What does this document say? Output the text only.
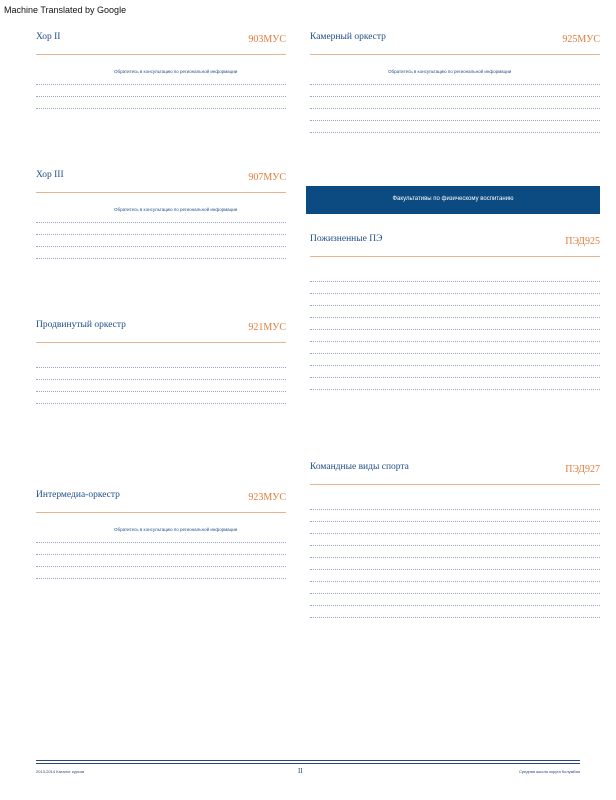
Machine Translated by Google
Хор II	903МУС
Обратитесь в консультацию по региональной информации
Хор III	907МУС
Обратитесь в консультацию по региональной информации
Продвинутый оркестр	921МУС
Интермедиа-оркестр	923МУС
Обратитесь в консультацию по региональной информации
Камерный оркестр	925МУС
Обратитесь в консультацию по региональной информации
Факультативы по физическому воспитанию
Пожизненные ПЭ	ПЭД925
Командные виды спорта	ПЭД927
2013-2014 Каталог курсов	II	Средняя школа округа Колумбия
